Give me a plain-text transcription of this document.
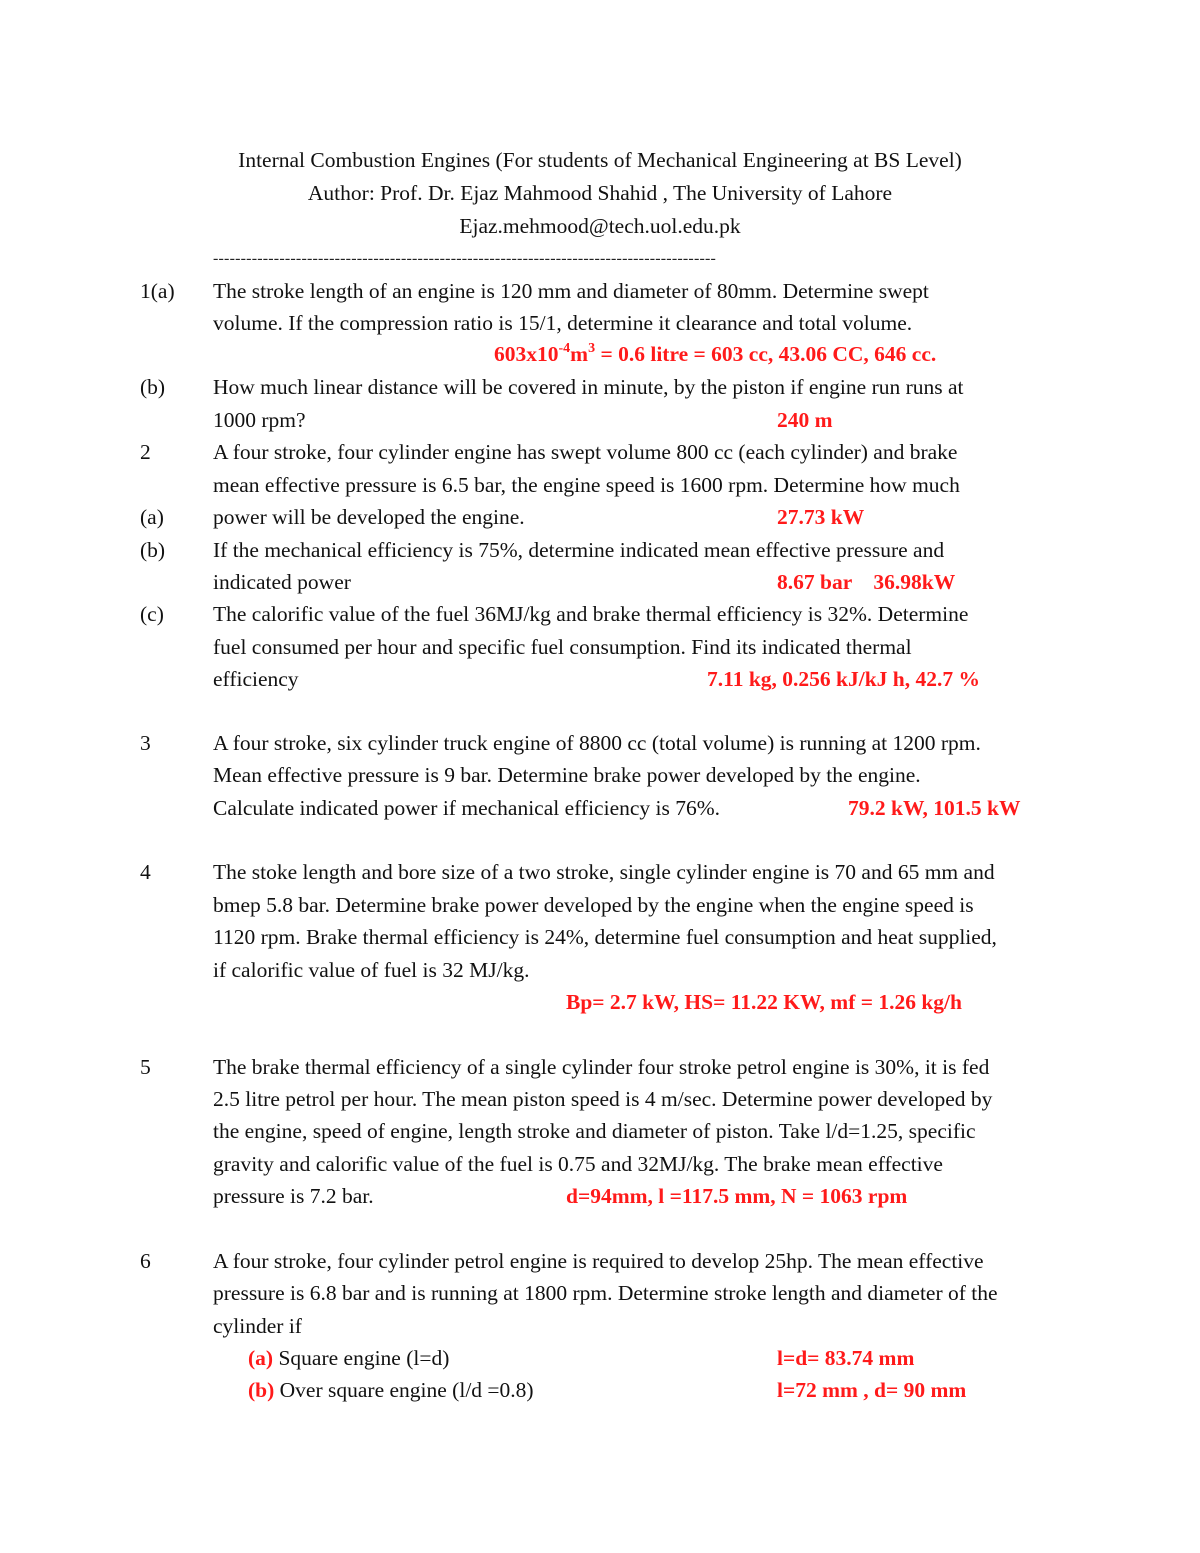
Internal Combustion Engines (For students of Mechanical Engineering at BS Level)
Author: Prof. Dr. Ejaz Mahmood Shahid , The University of Lahore
Ejaz.mehmood@tech.uol.edu.pk
-------------------------------------------------------------------------------------------
1(a) The stroke length of an engine is 120 mm and diameter of 80mm. Determine swept
volume. If the compression ratio is 15/1, determine it clearance and total volume.
$603x10^{-4}m^3 = 0.6$ litre = 603 cc, 43.06 CC, 646 cc.
(b) How much linear distance will be covered in minute, by the piston if engine run runs at
1000 rpm?	240 m
2	A four stroke, four cylinder engine has swept volume 800 cc (each cylinder) and brake
mean effective pressure is 6.5 bar, the engine speed is 1600 rpm. Determine how much
(a) power will be developed the engine.	27.73 kW
(b) If the mechanical efficiency is 75%, determine indicated mean effective pressure and
indicated power	8.67 bar    36.98kW
(c) The calorific value of the fuel 36MJ/kg and brake thermal efficiency is 32%. Determine
fuel consumed per hour and specific fuel consumption. Find its indicated thermal
efficiency	7.11 kg, 0.256 kJ/kJ h, 42.7 %
3	A four stroke, six cylinder truck engine of 8800 cc (total volume) is running at 1200 rpm.
Mean effective pressure is 9 bar. Determine brake power developed by the engine.
Calculate indicated power if mechanical efficiency is 76%.	79.2 kW, 101.5 kW
4	The stoke length and bore size of a two stroke, single cylinder engine is 70 and 65 mm and
bmep 5.8 bar. Determine brake power developed by the engine when the engine speed is
1120 rpm. Brake thermal efficiency is 24%, determine fuel consumption and heat supplied,
if calorific value of fuel is 32 MJ/kg.
Bp= 2.7 kW, HS= 11.22 KW, mf = 1.26 kg/h
5	The brake thermal efficiency of a single cylinder four stroke petrol engine is 30%, it is fed
2.5 litre petrol per hour. The mean piston speed is 4 m/sec. Determine power developed by
the engine, speed of engine, length stroke and diameter of piston. Take l/d=1.25, specific
gravity and calorific value of the fuel is 0.75 and 32MJ/kg. The brake mean effective
pressure is 7.2 bar.	d=94mm, l =117.5 mm, N = 1063 rpm
6	A four stroke, four cylinder petrol engine is required to develop 25hp. The mean effective
pressure is 6.8 bar and is running at 1800 rpm. Determine stroke length and diameter of the
cylinder if
(a) Square engine (l=d)	l=d= 83.74 mm
(b) Over square engine (l/d =0.8)	l=72 mm , d= 90 mm
